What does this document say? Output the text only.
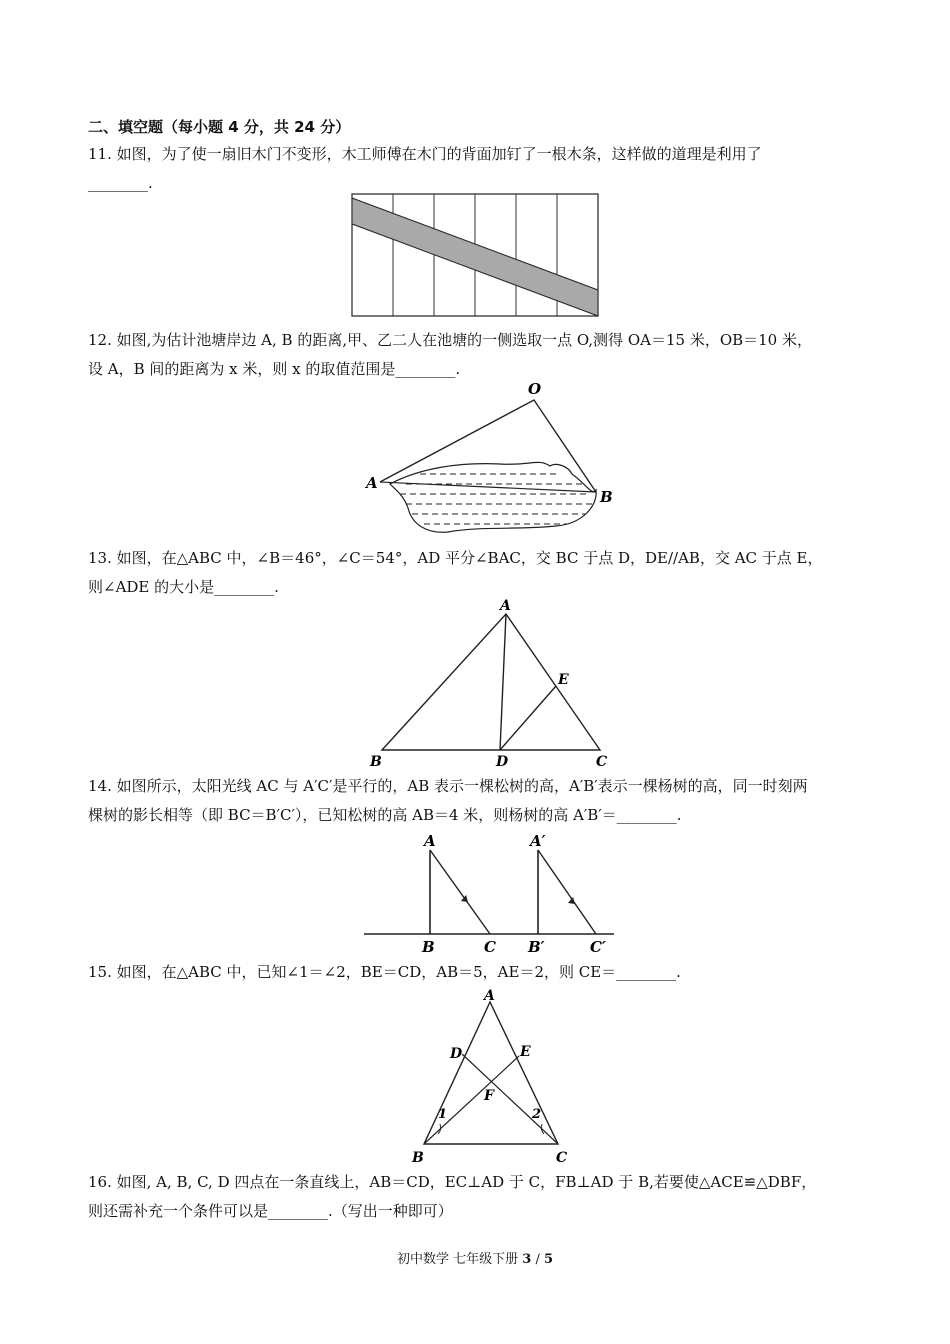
二、填空题（每小题 4 分，共 24 分）
11. 如图，为了使一扇旧木门不变形，木工师傅在木门的背面加钉了一根木条，这样做的道理是利用了
________.
12. 如图,为估计池塘岸边 A, B 的距离,甲、乙二人在池塘的一侧选取一点 O,测得 OA＝15 米，OB＝10 米，
设 A，B 间的距离为 x 米，则 x 的取值范围是________.
O
A
B
13. 如图，在△ABC 中，∠B＝46°，∠C＝54°，AD 平分∠BAC，交 BC 于点 D，DE//AB，交 AC 于点 E，
则∠ADE 的大小是________.
A
B	C
D
E
14. 如图所示，太阳光线 AC 与 A′C′是平行的，AB 表示一棵松树的高，A′B′表示一棵杨树的高，同一时刻两
棵树的影长相等（即 BC＝B′C′），已知松树的高 AB＝4 米，则杨树的高 A′B′＝________.
A
B	C
A′
B′	C′
15. 如图，在△ABC 中，已知∠1＝∠2，BE＝CD，AB＝5，AE＝2，则 CE＝________.
A
B	C
D	E
F
1	2
16. 如图, A, B, C, D 四点在一条直线上，AB＝CD，EC⊥AD 于 C，FB⊥AD 于 B,若要使△ACE≌△DBF，
则还需补充一个条件可以是________.（写出一种即可）
初中数学 七年级下册 3 / 5
